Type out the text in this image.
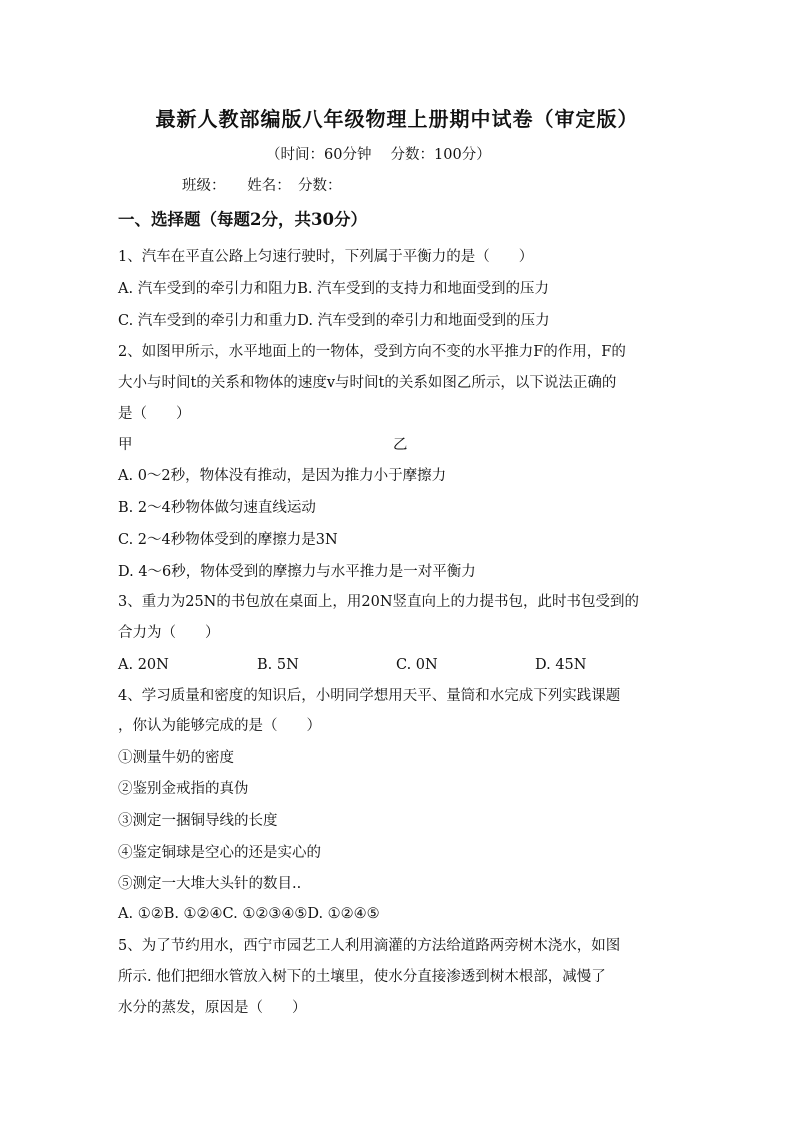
最新人教部编版八年级物理上册期中试卷（审定版）
（时间：60分钟　 分数：100分）
班级：　　姓名：　分数：
一、选择题（每题2分，共30分）
1、汽车在平直公路上匀速行驶时，下列属于平衡力的是（　　）
A. 汽车受到的牵引力和阻力B. 汽车受到的支持力和地面受到的压力
C. 汽车受到的牵引力和重力D. 汽车受到的牵引力和地面受到的压力
2、如图甲所示，水平地面上的一物体，受到方向不变的水平推力F的作用，F的
大小与时间t的关系和物体的速度v与时间t的关系如图乙所示，以下说法正确的
是（　　）
甲	乙
A. 0～2秒，物体没有推动，是因为推力小于摩擦力
B. 2～4秒物体做匀速直线运动
C. 2～4秒物体受到的摩擦力是3N
D. 4～6秒，物体受到的摩擦力与水平推力是一对平衡力
3、重力为25N的书包放在桌面上，用20N竖直向上的力提书包，此时书包受到的
合力为（　　）
A. 20N	B. 5N	C. 0N	D. 45N
4、学习质量和密度的知识后，小明同学想用天平、量筒和水完成下列实践课题
，你认为能够完成的是（　　）
①测量牛奶的密度
②鉴别金戒指的真伪
③测定一捆铜导线的长度
④鉴定铜球是空心的还是实心的
⑤测定一大堆大头针的数目..
A. ①②B. ①②④C. ①②③④⑤D. ①②④⑤
5、为了节约用水，西宁市园艺工人利用滴灌的方法给道路两旁树木浇水，如图
所示. 他们把细水管放入树下的土壤里，使水分直接渗透到树木根部，减慢了
水分的蒸发，原因是（　　）
